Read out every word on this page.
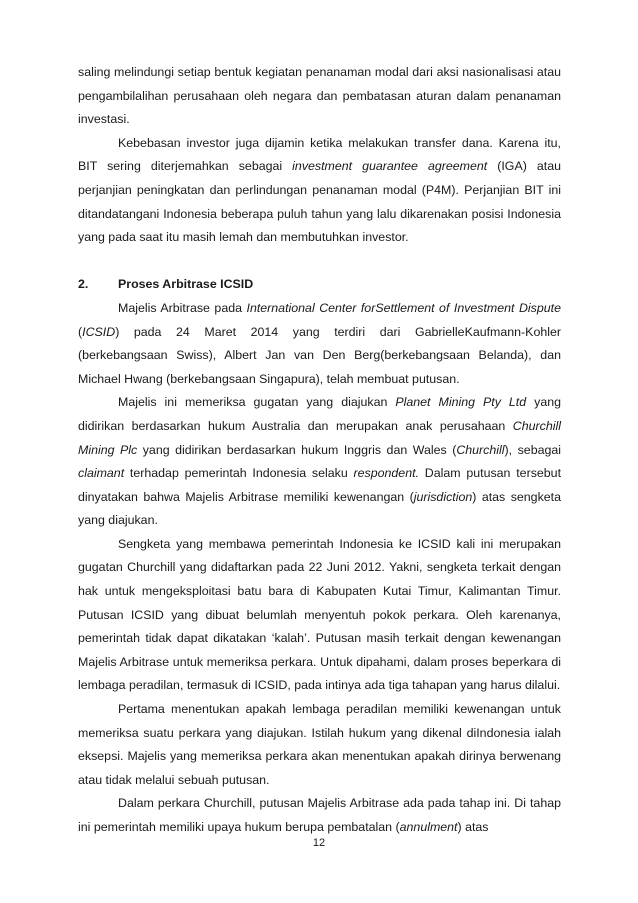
saling melindungi setiap bentuk kegiatan penanaman modal dari aksi nasionalisasi atau pengambilalihan perusahaan oleh negara dan pembatasan aturan dalam penanaman investasi.

Kebebasan investor juga dijamin ketika melakukan transfer dana. Karena itu, BIT sering diterjemahkan sebagai investment guarantee agreement (IGA) atau perjanjian peningkatan dan perlindungan penanaman modal (P4M). Perjanjian BIT ini ditandatangani Indonesia beberapa puluh tahun yang lalu dikarenakan posisi Indonesia yang pada saat itu masih lemah dan membutuhkan investor.

2.	Proses Arbitrase ICSID

Majelis Arbitrase pada International Center forSettlement of Investment Dispute (ICSID) pada 24 Maret 2014 yang terdiri dari GabrielleKaufmann-Kohler (berkebangsaan Swiss), Albert Jan van Den Berg(berkebangsaan Belanda), dan Michael Hwang (berkebangsaan Singapura), telah membuat putusan.

Majelis ini memeriksa gugatan yang diajukan Planet Mining Pty Ltd yang didirikan berdasarkan hukum Australia dan merupakan anak perusahaan Churchill Mining Plc yang didirikan berdasarkan hukum Inggris dan Wales (Churchill), sebagai claimant terhadap pemerintah Indonesia selaku respondent. Dalam putusan tersebut dinyatakan bahwa Majelis Arbitrase memiliki kewenangan (jurisdiction) atas sengketa yang diajukan.

Sengketa yang membawa pemerintah Indonesia ke ICSID kali ini merupakan gugatan Churchill yang didaftarkan pada 22 Juni 2012. Yakni, sengketa terkait dengan hak untuk mengeksploitasi batu bara di Kabupaten Kutai Timur, Kalimantan Timur. Putusan ICSID yang dibuat belumlah menyentuh pokok perkara. Oleh karenanya, pemerintah tidak dapat dikatakan ‘kalah’. Putusan masih terkait dengan kewenangan Majelis Arbitrase untuk memeriksa perkara. Untuk dipahami, dalam proses beperkara di lembaga peradilan, termasuk di ICSID, pada intinya ada tiga tahapan yang harus dilalui.

Pertama menentukan apakah lembaga peradilan memiliki kewenangan untuk memeriksa suatu perkara yang diajukan. Istilah hukum yang dikenal diIndonesia ialah eksepsi. Majelis yang memeriksa perkara akan menentukan apakah dirinya berwenang atau tidak melalui sebuah putusan.

Dalam perkara Churchill, putusan Majelis Arbitrase ada pada tahap ini. Di tahap ini pemerintah memiliki upaya hukum berupa pembatalan (annulment) atas

12
